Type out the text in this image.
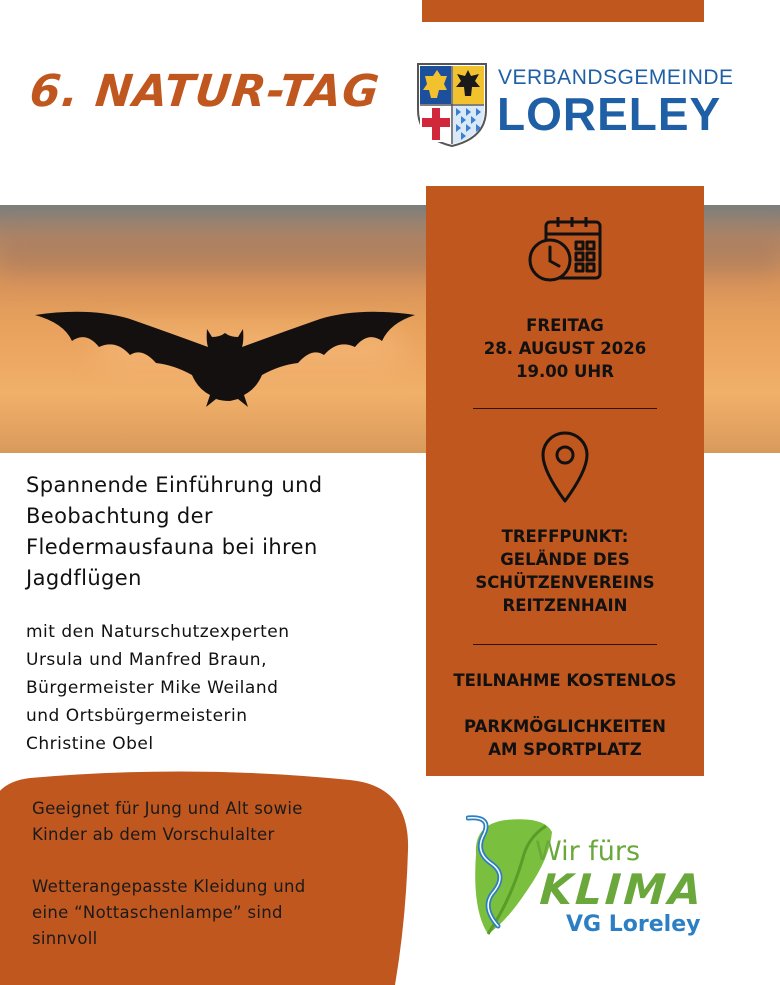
6. NATUR-TAG	VERBANDSGEMEINDE
LORELEY
FREITAG
28. AUGUST 2026
19.00 UHR
TREFFPUNKT:
GELÄNDE DES
SCHÜTZENVEREINS
REITZENHAIN
TEILNAHME KOSTENLOS
PARKMÖGLICHKEITEN
AM SPORTPLATZ
Spannende Einführung und
Beobachtung der
Fledermausfauna bei ihren
Jagdflügen
mit den Naturschutzexperten
Ursula und Manfred Braun,
Bürgermeister Mike Weiland
und Ortsbürgermeisterin
Christine Obel

Geeignet für Jung und Alt sowie
Kinder ab dem Vorschulalter

Wetterangepasste Kleidung und
eine “Nottaschenlampe” sind
sinnvoll

Wir fürs
KLIMA
VG Loreley
